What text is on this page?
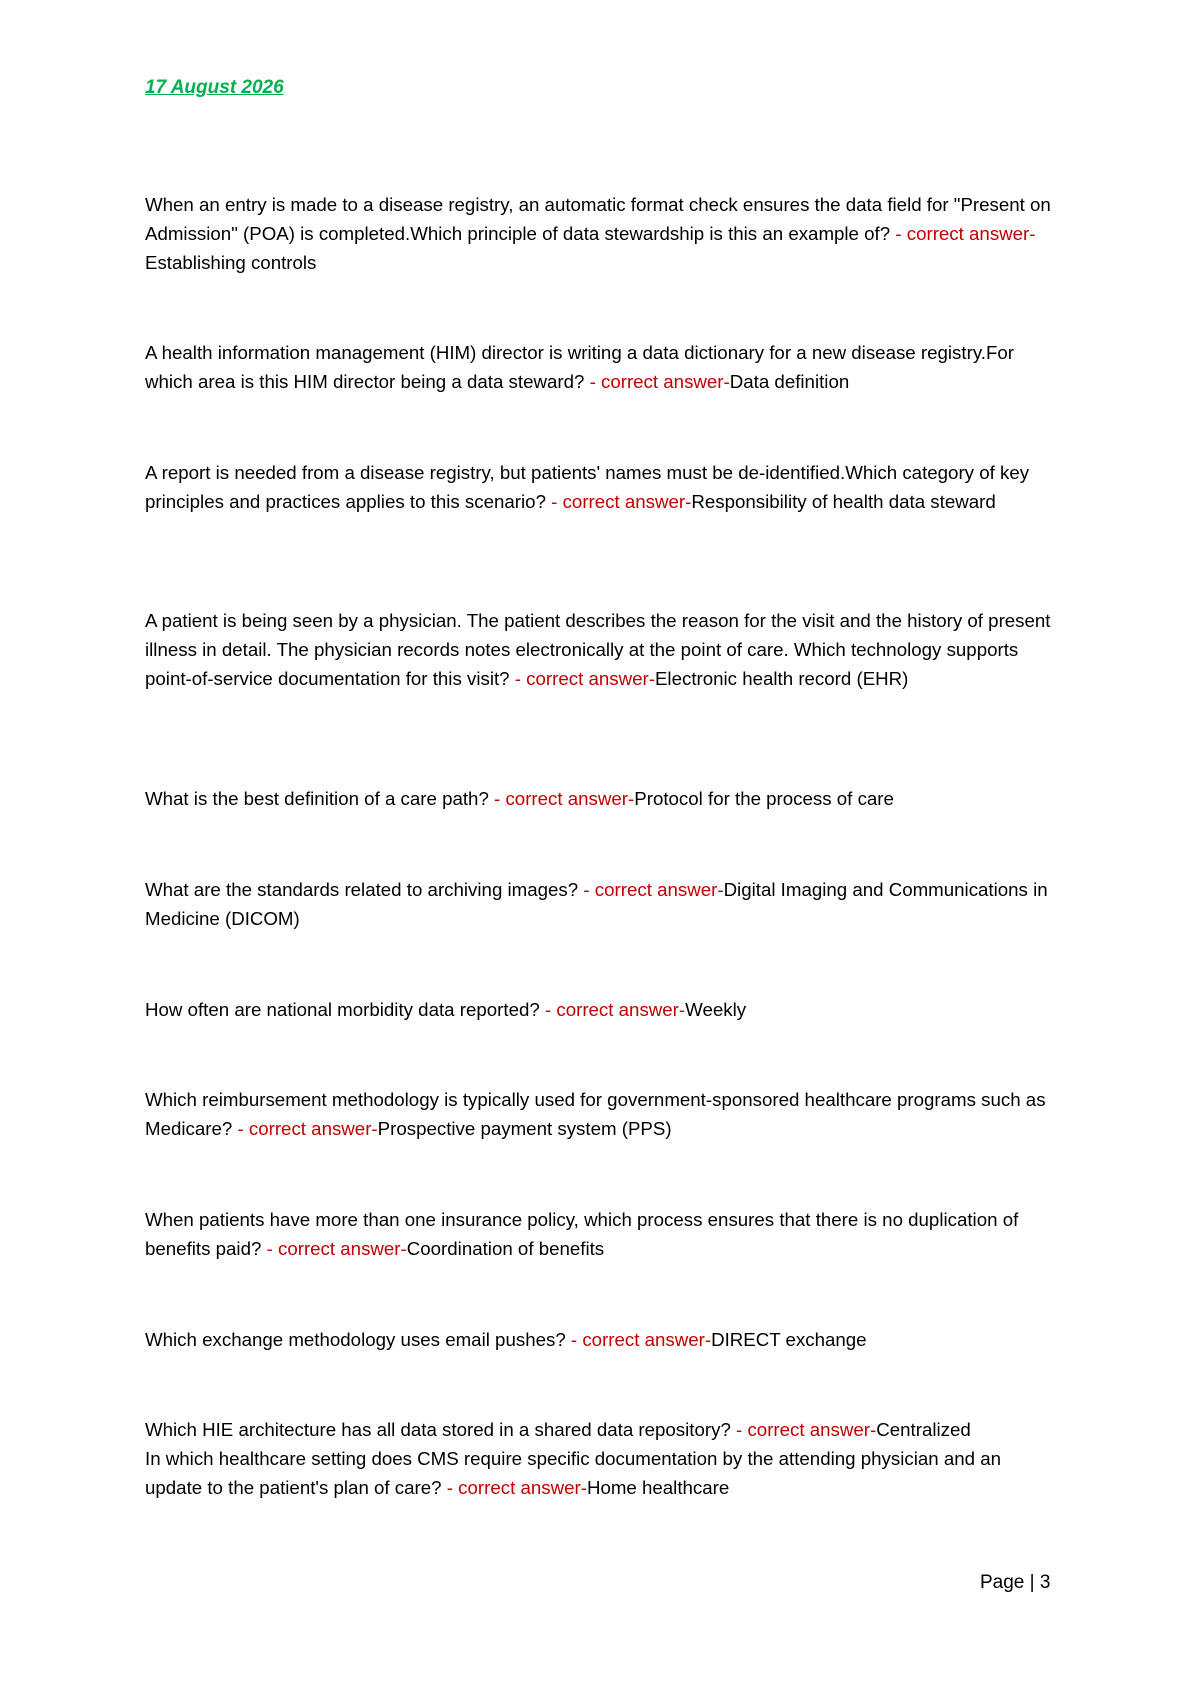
17 August 2026

When an entry is made to a disease registry, an automatic format check ensures the data field for "Present on Admission" (POA) is completed.Which principle of data stewardship is this an example of? - correct answer-Establishing controls

A health information management (HIM) director is writing a data dictionary for a new disease registry.For which area is this HIM director being a data steward? - correct answer-Data definition

A report is needed from a disease registry, but patients' names must be de-identified.Which category of key principles and practices applies to this scenario? - correct answer-Responsibility of health data steward

A patient is being seen by a physician. The patient describes the reason for the visit and the history of present illness in detail. The physician records notes electronically at the point of care. Which technology supports point-of-service documentation for this visit? - correct answer-Electronic health record (EHR)

What is the best definition of a care path? - correct answer-Protocol for the process of care

What are the standards related to archiving images? - correct answer-Digital Imaging and Communications in Medicine (DICOM)

How often are national morbidity data reported? - correct answer-Weekly

Which reimbursement methodology is typically used for government-sponsored healthcare programs such as Medicare? - correct answer-Prospective payment system (PPS)

When patients have more than one insurance policy, which process ensures that there is no duplication of benefits paid? - correct answer-Coordination of benefits

Which exchange methodology uses email pushes? - correct answer-DIRECT exchange

Which HIE architecture has all data stored in a shared data repository? - correct answer-Centralized
In which healthcare setting does CMS require specific documentation by the attending physician and an update to the patient's plan of care? - correct answer-Home healthcare

Page | 3
